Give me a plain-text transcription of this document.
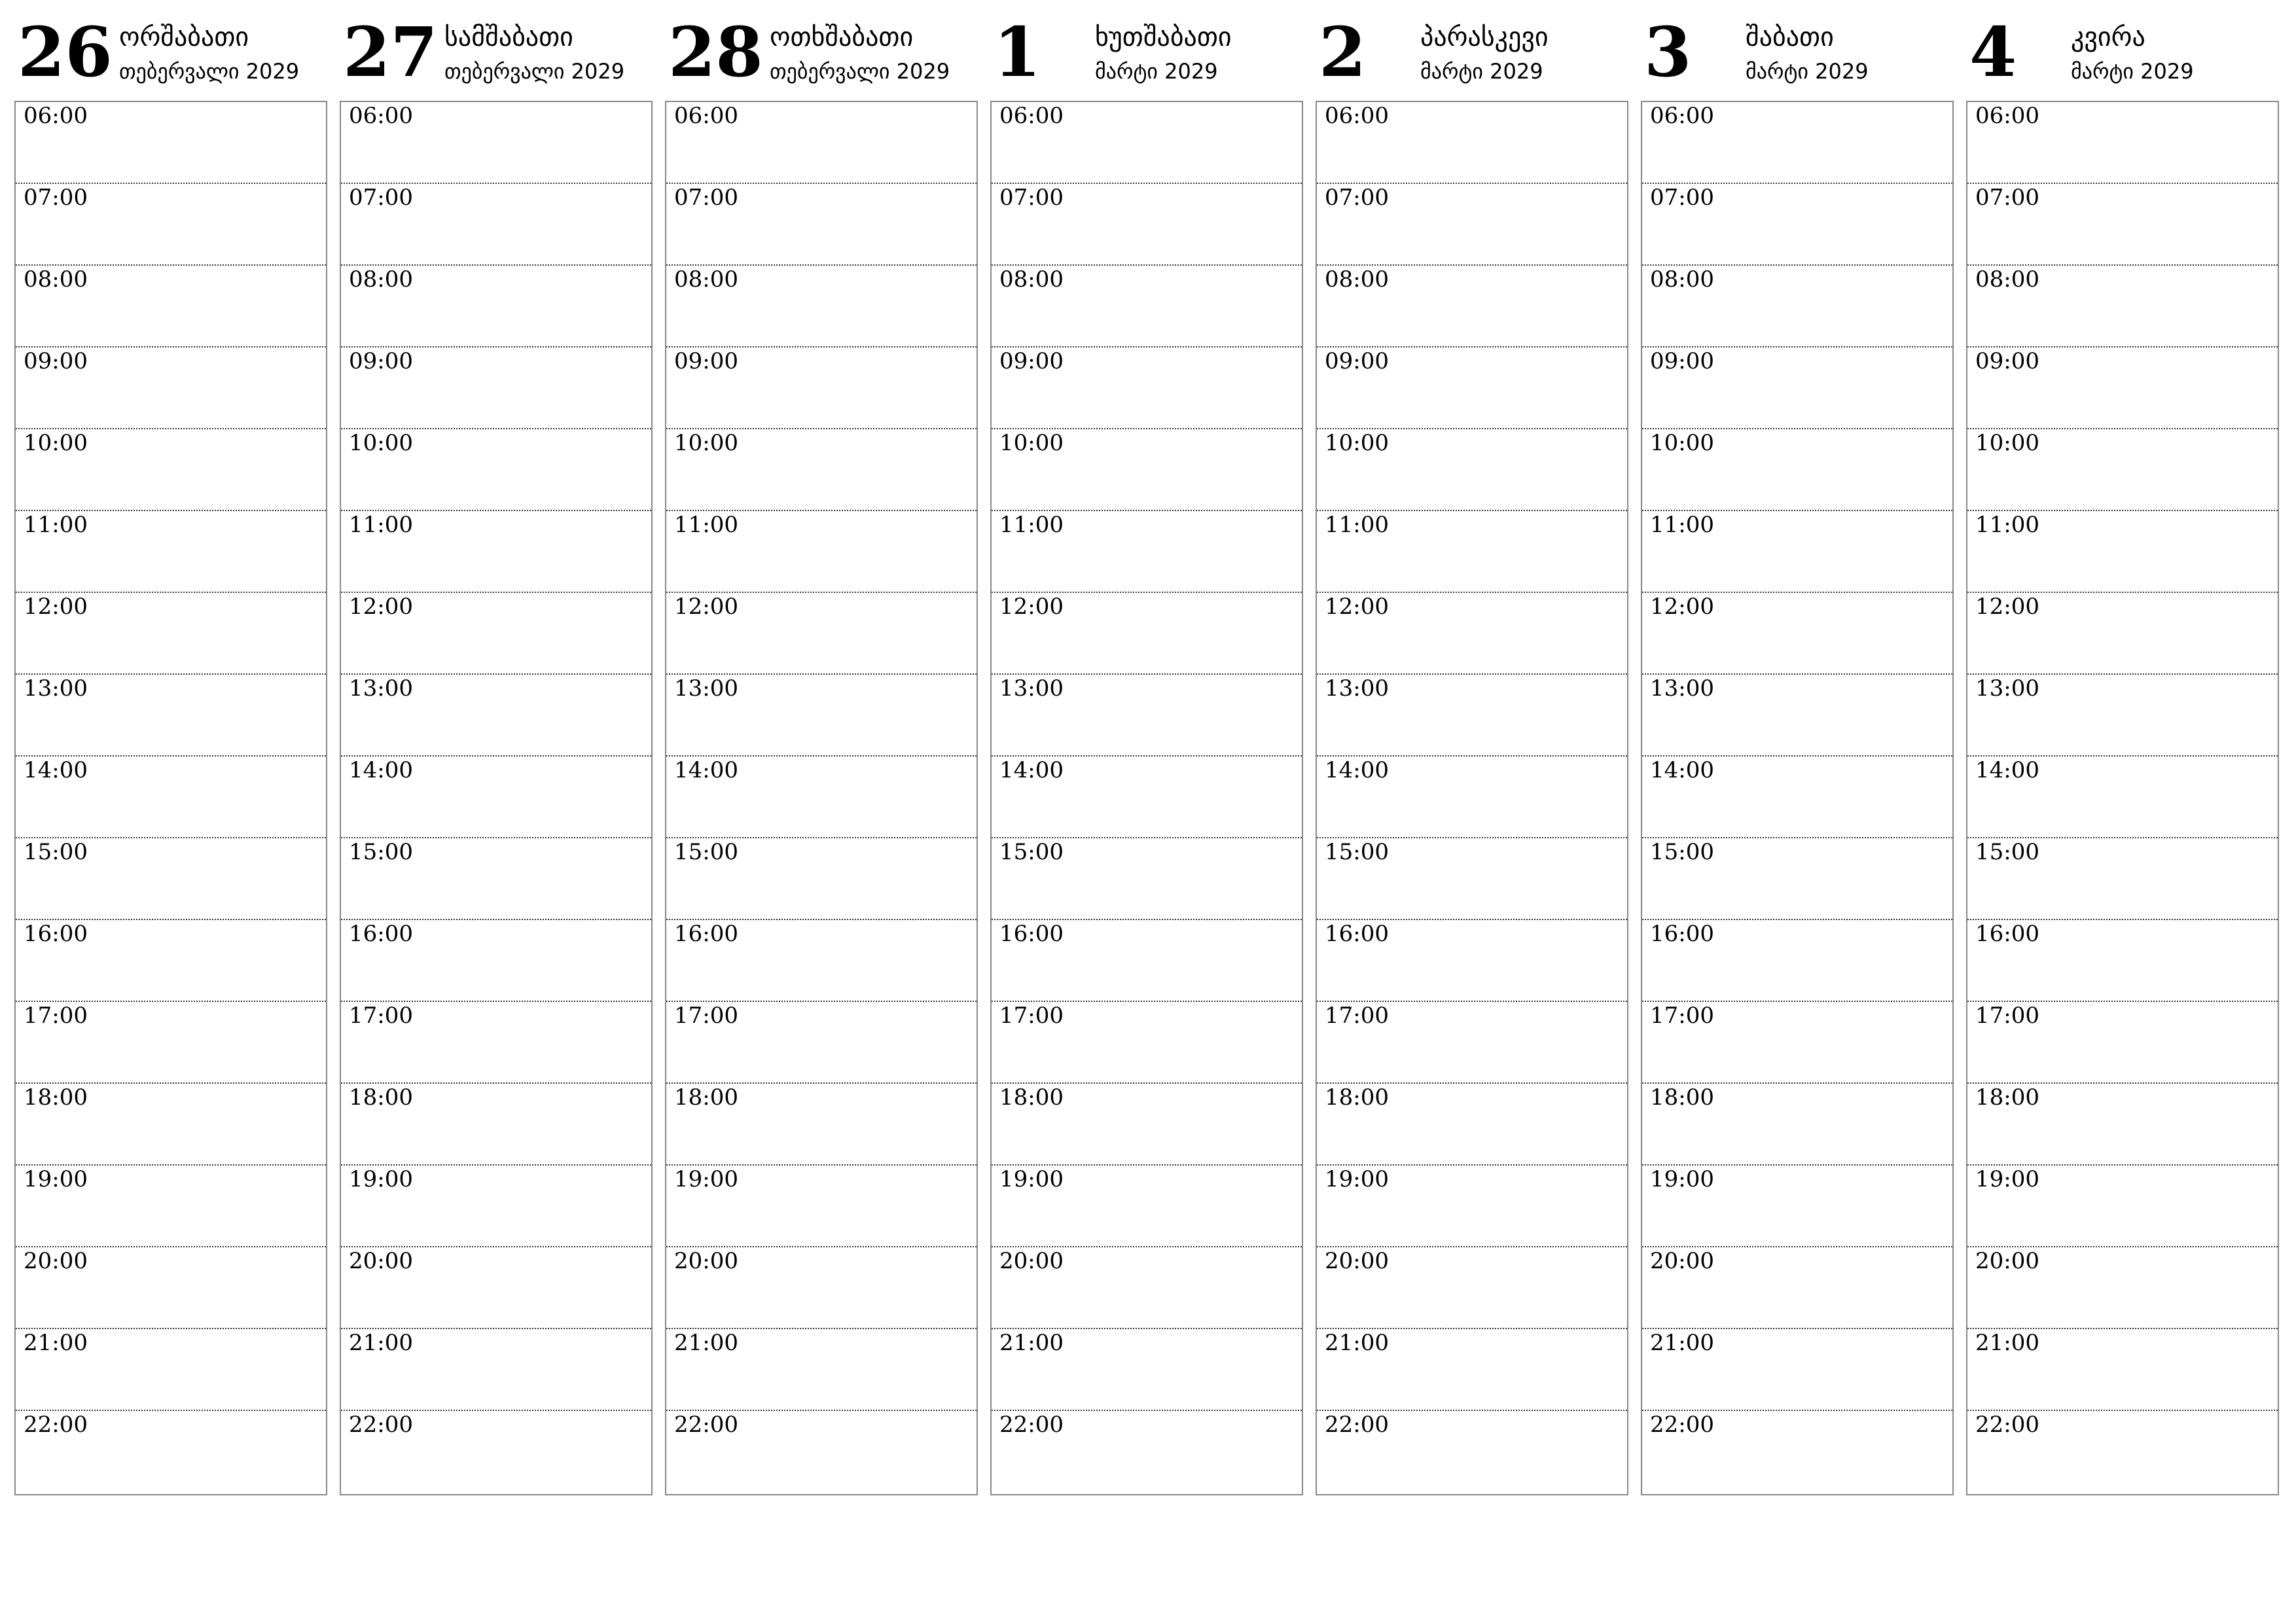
26 ორშაბათი
თებერვალი 2029
06:00
07:00
08:00
09:00
10:00
11:00
12:00
13:00
14:00
15:00
16:00
17:00
18:00
19:00
20:00
21:00
22:00
27 სამშაბათი
თებერვალი 2029
06:00
07:00
08:00
09:00
10:00
11:00
12:00
13:00
14:00
15:00
16:00
17:00
18:00
19:00
20:00
21:00
22:00
28 ოთხშაბათი
თებერვალი 2029
06:00
07:00
08:00
09:00
10:00
11:00
12:00
13:00
14:00
15:00
16:00
17:00
18:00
19:00
20:00
21:00
22:00
1 ხუთშაბათი
მარტი 2029
06:00
07:00
08:00
09:00
10:00
11:00
12:00
13:00
14:00
15:00
16:00
17:00
18:00
19:00
20:00
21:00
22:00
2 პარასკევი
მარტი 2029
06:00
07:00
08:00
09:00
10:00
11:00
12:00
13:00
14:00
15:00
16:00
17:00
18:00
19:00
20:00
21:00
22:00
3 შაბათი
მარტი 2029
06:00
07:00
08:00
09:00
10:00
11:00
12:00
13:00
14:00
15:00
16:00
17:00
18:00
19:00
20:00
21:00
22:00
4 კვირა
მარტი 2029
06:00
07:00
08:00
09:00
10:00
11:00
12:00
13:00
14:00
15:00
16:00
17:00
18:00
19:00
20:00
21:00
22:00
